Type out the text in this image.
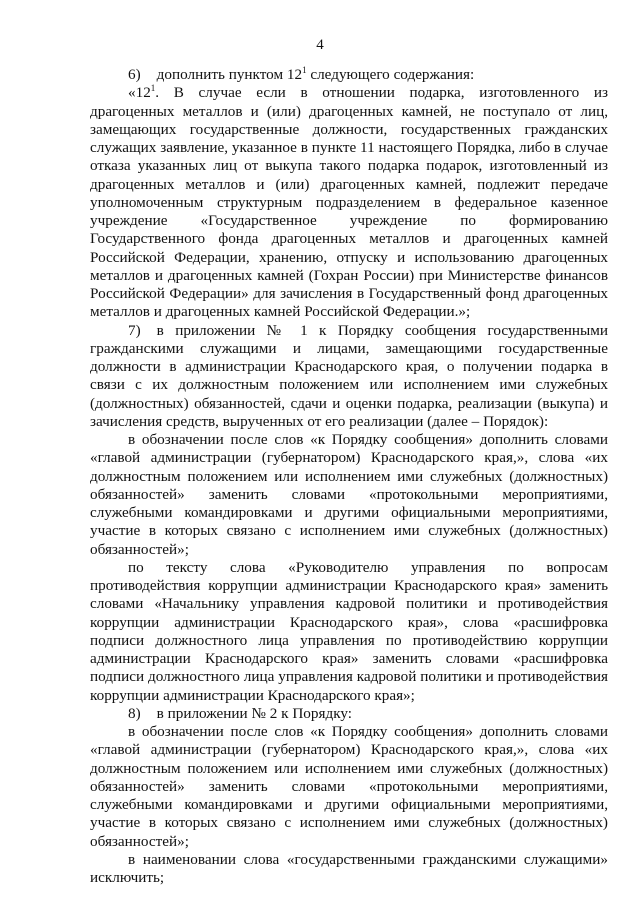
4

6) дополнить пунктом $12^1$ следующего содержания:

«$12^1$. В случае если в отношении подарка, изготовленного из драгоценных металлов и (или) драгоценных камней, не поступало от лиц, замещающих государственные должности, государственных гражданских служащих заявление, указанное в пункте 11 настоящего Порядка, либо в случае отказа указанных лиц от выкупа такого подарка подарок, изготовленный из драгоценных металлов и (или) драгоценных камней, подлежит передаче уполномоченным структурным подразделением в федеральное казенное учреждение «Государственное учреждение по формированию Государственного фонда драгоценных металлов и драгоценных камней Российской Федерации, хранению, отпуску и использованию драгоценных металлов и драгоценных камней (Гохран России) при Министерстве финансов Российской Федерации» для зачисления в Государственный фонд драгоценных металлов и драгоценных камней Российской Федерации.»;

7) в приложении № 1 к Порядку сообщения государственными гражданскими служащими и лицами, замещающими государственные должности в администрации Краснодарского края, о получении подарка в связи с их должностным положением или исполнением ими служебных (должностных) обязанностей, сдачи и оценки подарка, реализации (выкупа) и зачисления средств, вырученных от его реализации (далее – Порядок):

в обозначении после слов «к Порядку сообщения» дополнить словами «главой администрации (губернатором) Краснодарского края,», слова «их должностным положением или исполнением ими служебных (должностных) обязанностей» заменить словами «протокольными мероприятиями, служебными командировками и другими официальными мероприятиями, участие в которых связано с исполнением ими служебных (должностных) обязанностей»;

по тексту слова «Руководителю управления по вопросам противодействия коррупции администрации Краснодарского края» заменить словами «Начальнику управления кадровой политики и противодействия коррупции администрации Краснодарского края», слова «расшифровка подписи должностного лица управления по противодействию коррупции администрации Краснодарского края» заменить словами «расшифровка подписи должностного лица управления кадровой политики и противодействия коррупции администрации Краснодарского края»;

8) в приложении № 2 к Порядку:

в обозначении после слов «к Порядку сообщения» дополнить словами «главой администрации (губернатором) Краснодарского края,», слова «их должностным положением или исполнением ими служебных (должностных) обязанностей» заменить словами «протокольными мероприятиями, служебными командировками и другими официальными мероприятиями, участие в которых связано с исполнением ими служебных (должностных) обязанностей»;

в наименовании слова «государственными гражданскими служащими» исключить;
